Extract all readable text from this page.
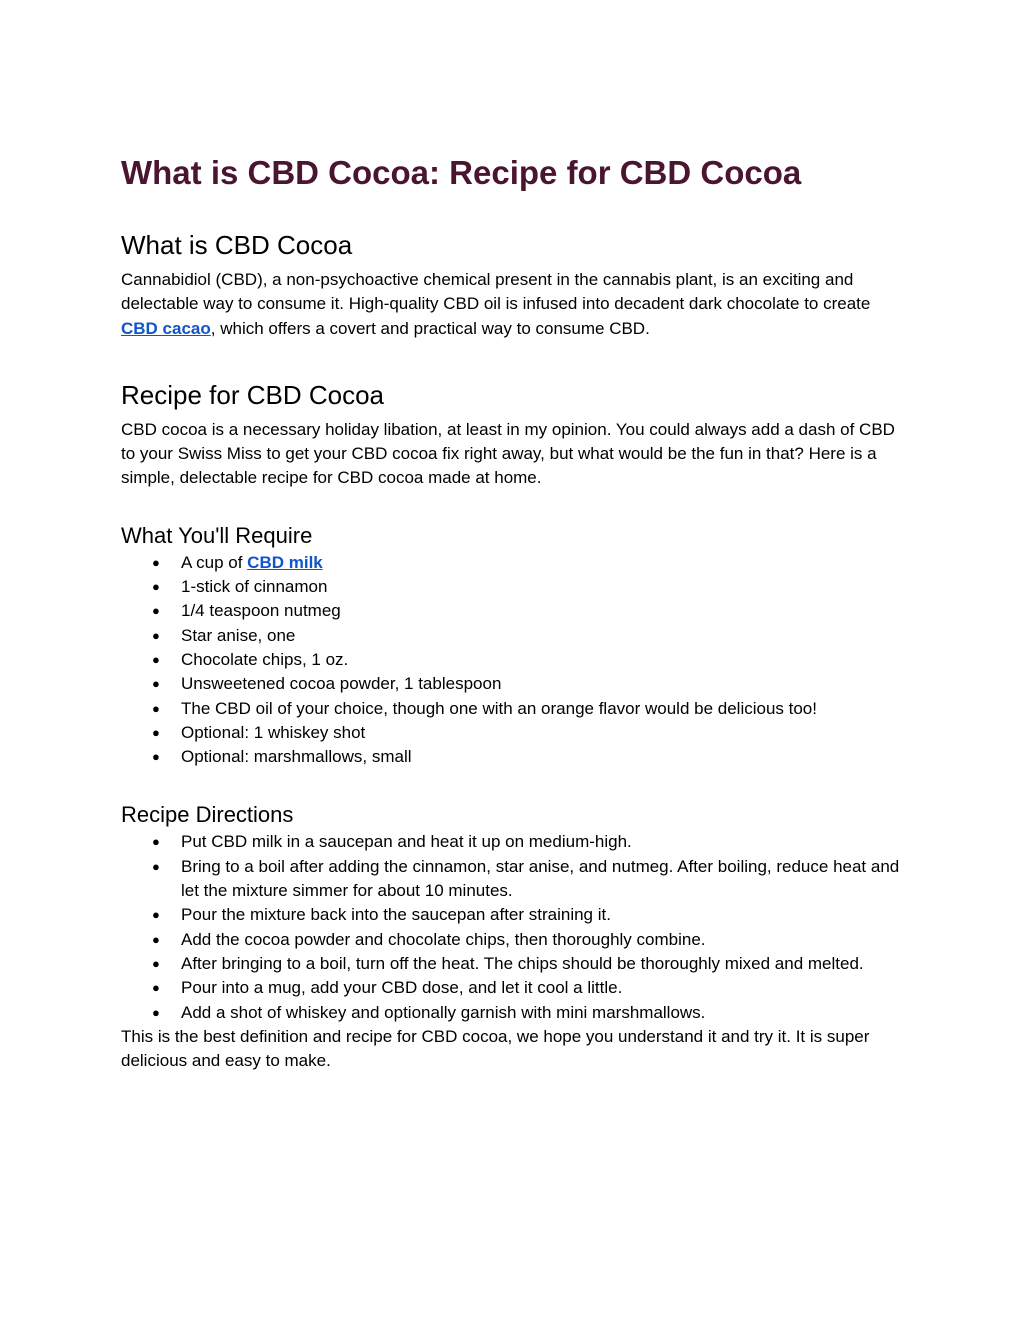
What is CBD Cocoa: Recipe for CBD Cocoa
What is CBD Cocoa

Cannabidiol (CBD), a non-psychoactive chemical present in the cannabis plant, is an exciting and delectable way to consume it. High-quality CBD oil is infused into decadent dark chocolate to create CBD cacao, which offers a covert and practical way to consume CBD.

Recipe for CBD Cocoa

CBD cocoa is a necessary holiday libation, at least in my opinion. You could always add a dash of CBD to your Swiss Miss to get your CBD cocoa fix right away, but what would be the fun in that? Here is a simple, delectable recipe for CBD cocoa made at home.

What You'll Require
● A cup of CBD milk
● 1-stick of cinnamon
● 1/4 teaspoon nutmeg
● Star anise, one
● Chocolate chips, 1 oz.
● Unsweetened cocoa powder, 1 tablespoon
● The CBD oil of your choice, though one with an orange flavor would be delicious too!
● Optional: 1 whiskey shot
● Optional: marshmallows, small
Recipe Directions
● Put CBD milk in a saucepan and heat it up on medium-high.
● Bring to a boil after adding the cinnamon, star anise, and nutmeg. After boiling, reduce heat and let the mixture simmer for about 10 minutes.
● Pour the mixture back into the saucepan after straining it.
● Add the cocoa powder and chocolate chips, then thoroughly combine.
● After bringing to a boil, turn off the heat. The chips should be thoroughly mixed and melted.
● Pour into a mug, add your CBD dose, and let it cool a little.
● Add a shot of whiskey and optionally garnish with mini marshmallows.

This is the best definition and recipe for CBD cocoa, we hope you understand it and try it. It is super delicious and easy to make.
